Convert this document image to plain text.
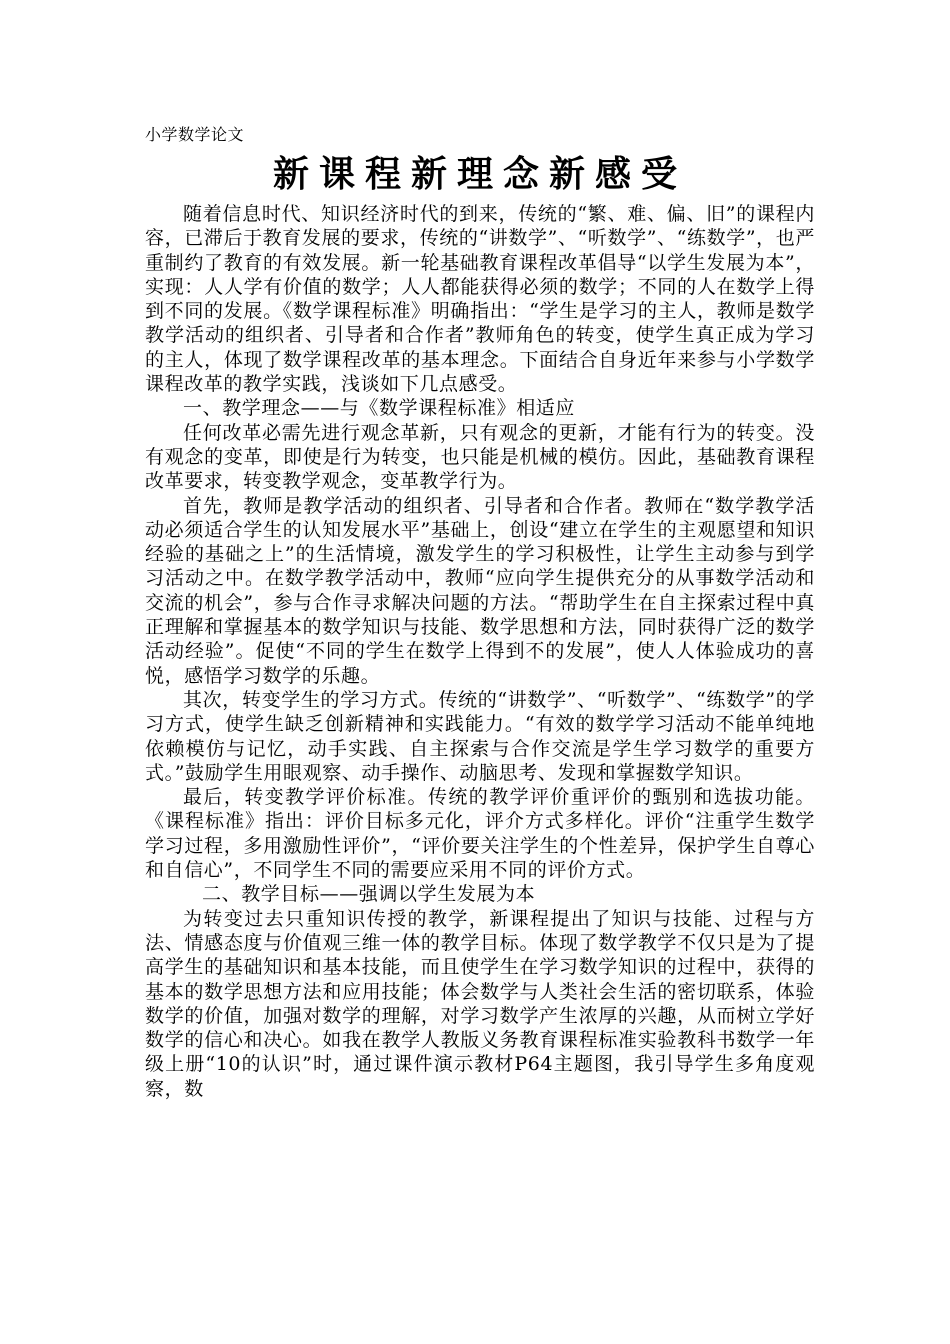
小学数学论文
新课程新理念新感受

随着信息时代、知识经济时代的到来，传统的“繁、难、偏、旧”的课程内容，已滞后于教育发展的要求，传统的“讲数学”、“听数学”、“练数学”，也严重制约了教育的有效发展。新一轮基础教育课程改革倡导“以学生发展为本”，实现：人人学有价值的数学；人人都能获得必须的数学；不同的人在数学上得到不同的发展。《数学课程标准》明确指出：“学生是学习的主人，教师是数学教学活动的组织者、引导者和合作者”教师角色的转变，使学生真正成为学习的主人，体现了数学课程改革的基本理念。下面结合自身近年来参与小学数学课程改革的教学实践，浅谈如下几点感受。

一、教学理念——与《数学课程标准》相适应

任何改革必需先进行观念革新，只有观念的更新，才能有行为的转变。没有观念的变革，即使是行为转变，也只能是机械的模仿。因此，基础教育课程改革要求，转变教学观念，变革教学行为。

首先，教师是教学活动的组织者、引导者和合作者。教师在“数学教学活动必须适合学生的认知发展水平”基础上，创设“建立在学生的主观愿望和知识经验的基础之上”的生活情境，激发学生的学习积极性，让学生主动参与到学习活动之中。在数学教学活动中，教师“应向学生提供充分的从事数学活动和交流的机会”，参与合作寻求解决问题的方法。“帮助学生在自主探索过程中真正理解和掌握基本的数学知识与技能、数学思想和方法，同时获得广泛的数学活动经验”。促使“不同的学生在数学上得到不的发展”，使人人体验成功的喜悦，感悟学习数学的乐趣。

其次，转变学生的学习方式。传统的“讲数学”、“听数学”、“练数学”的学习方式，使学生缺乏创新精神和实践能力。“有效的数学学习活动不能单纯地依赖模仿与记忆，动手实践、自主探索与合作交流是学生学习数学的重要方 式。”鼓励学生用眼观察、动手操作、动脑思考、发现和掌握数学知识。

最后，转变教学评价标准。传统的教学评价重评价的甄别和选拔功能。《课程标准》指出：评价目标多元化，评介方式多样化。评价“注重学生数学学习过程，多用激励性评价”，“评价要关注学生的个性差异，保护学生自尊心和自信心”，不同学生不同的需要应采用不同的评价方式。

二、教学目标——强调以学生发展为本

为转变过去只重知识传授的教学，新课程提出了知识与技能、过程与方法、情感态度与价值观三维一体的教学目标。体现了数学教学不仅只是为了提高学生的基础知识和基本技能，而且使学生在学习数学知识的过程中，获得的基本的数学思想方法和应用技能；体会数学与人类社会生活的密切联系，体验数学的价值，加强对数学的理解，对学习数学产生浓厚的兴趣，从而树立学好数学的信心和决心。如我在教学人教版义务教育课程标准实验教科书数学一年级上册“10的认识”时，通过课件演示教材P64主题图，我引导学生多角度观察，数
